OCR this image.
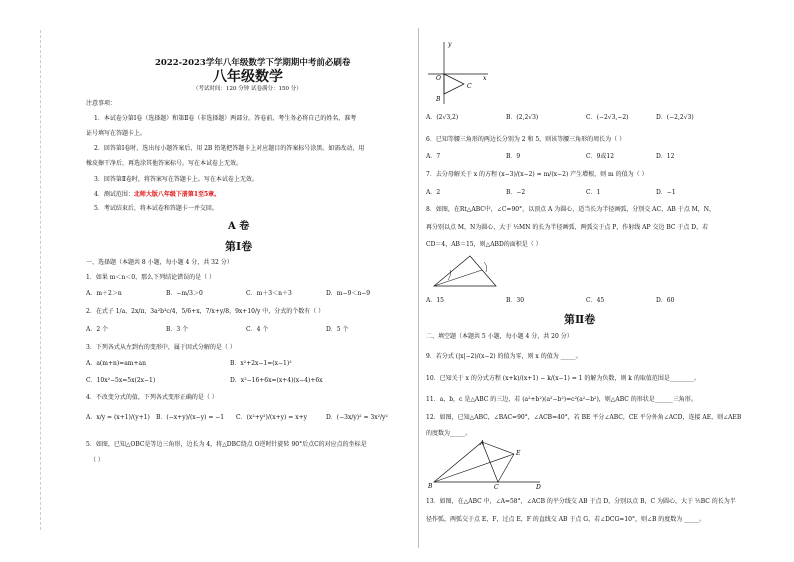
2022-2023学年八年级数学下学期期中考前必刷卷
八年级数学
（考试时间：120 分钟 试卷满分：150 分）
注意事项：
1．本试卷分第Ⅰ卷（选择题）和第Ⅱ卷（非选择题）两部分。答卷前，考生务必将自己的姓名、准考
证号填写在答题卡上。
2．回答第Ⅰ卷时，选出每小题答案后，用 2B 铅笔把答题卡上对应题目的答案标号涂黑。如需改动，用
橡皮擦干净后，再选涂其他答案标号。写在本试卷上无效。
3．回答第Ⅱ卷时，将答案写在答题卡上。写在本试卷上无效。
4．测试范围：北师大版八年级下册第1至5章。
5．考试结束后，将本试卷和答题卡一并交回。
A 卷
第Ⅰ卷
一、选择题（本题共 8 小题，每小题 4 分，共 32 分）
1．如果 m＜n＜0，那么下列结论错误的是（ ）
A．m＋2＞n	B．−m/3＞0	C．m＋3＜n＋3	D．m−9＜n−9
2．在式子 1/a，2x/π，3a²b³c/4，5/6+x，7/x+y/8，9x+10/y 中，分式的个数有（ ）
A．2 个	B．3 个	C．4 个	D．5 个
3．下列各式从左到右的变形中，属于因式分解的是（ ）
A．a(m+n)=am+an	B．x²+2x−1=(x−1)²
C．10x²−5x=5x(2x−1)	D．x²−16+6x=(x+4)(x−4)+6x
4．不改变分式的值，下列各式变形正确的是（ ）
A．x/y = (x+1)/(y+1) B．(−x+y)/(x−y) = −1 C．(x²+y²)/(x+y) = x+y	D．(−3x/y)² = 3x²/y²
5．如图，已知△OBC是等边三角形，边长为 4，将△DBC绕点 O逆时针旋转 90°后点C的对应点的坐标是
（ ）
y
x
O
B
C
A．(2√3,2)	B．(2,2√3)	C．(−2√3,−2)	D．(−2,2√3)
6．已知等腰三角形的两边长分别为 2 和 5，则该等腰三角形的周长为（ ）
A．7	B．9	C．9或12	D．12
7．去分母解关于 x 的方程 (x−3)/(x−2) = m/(x−2) 产生增根，则 m 的值为（ ）
A．2	B．−2	C．1	D．−1
8．如图，在Rt△ABC中，∠C=90°，以顶点 A 为圆心，适当长为半径画弧，分别交 AC，AB 于点 M，N，
再分别以点 M，N为圆心，大于 ½MN 的长为半径画弧，两弧交于点 P，作射线 AP 交边 BC 于点 D，若
CD＝4，AB＝15，则△ABD的面积是（ ）
A．15	B．30	C．45	D．60
第Ⅱ卷
二、填空题（本题共 5 小题，每小题 4 分，共 20 分）
9．若分式 (|x|−2)/(x−2) 的值为零，则 x 的值为 _____。
10．已知关于 x 的分式方程 (x+k)/(x+1) − k/(x−1) = 1 的解为负数，则 k 的取值范围是________。
11．a，b，c 是△ABC 的三边，若 (a²+b²)(a²−b²)=c²(a²−b²)，则△ABC 的形状是______三角形。
12．如图，已知△ABC，∠BAC=90°，∠ACB=40°，若 BE 平分∠ABC，CE 平分外角∠ACD，连接 AE，则∠AEB
的度数为_____。
A
B	C	D
E
13．如图，在△ABC 中，∠A=58°，∠ACB 的平分线交 AB 于点 D，分别以点 B，C 为圆心，大于 ½BC 的长为半
径作弧，两弧交于点 E，F，过点 E，F 的直线交 AB 于点 G，若∠DCG=10°，则∠B 的度数为 _____。
